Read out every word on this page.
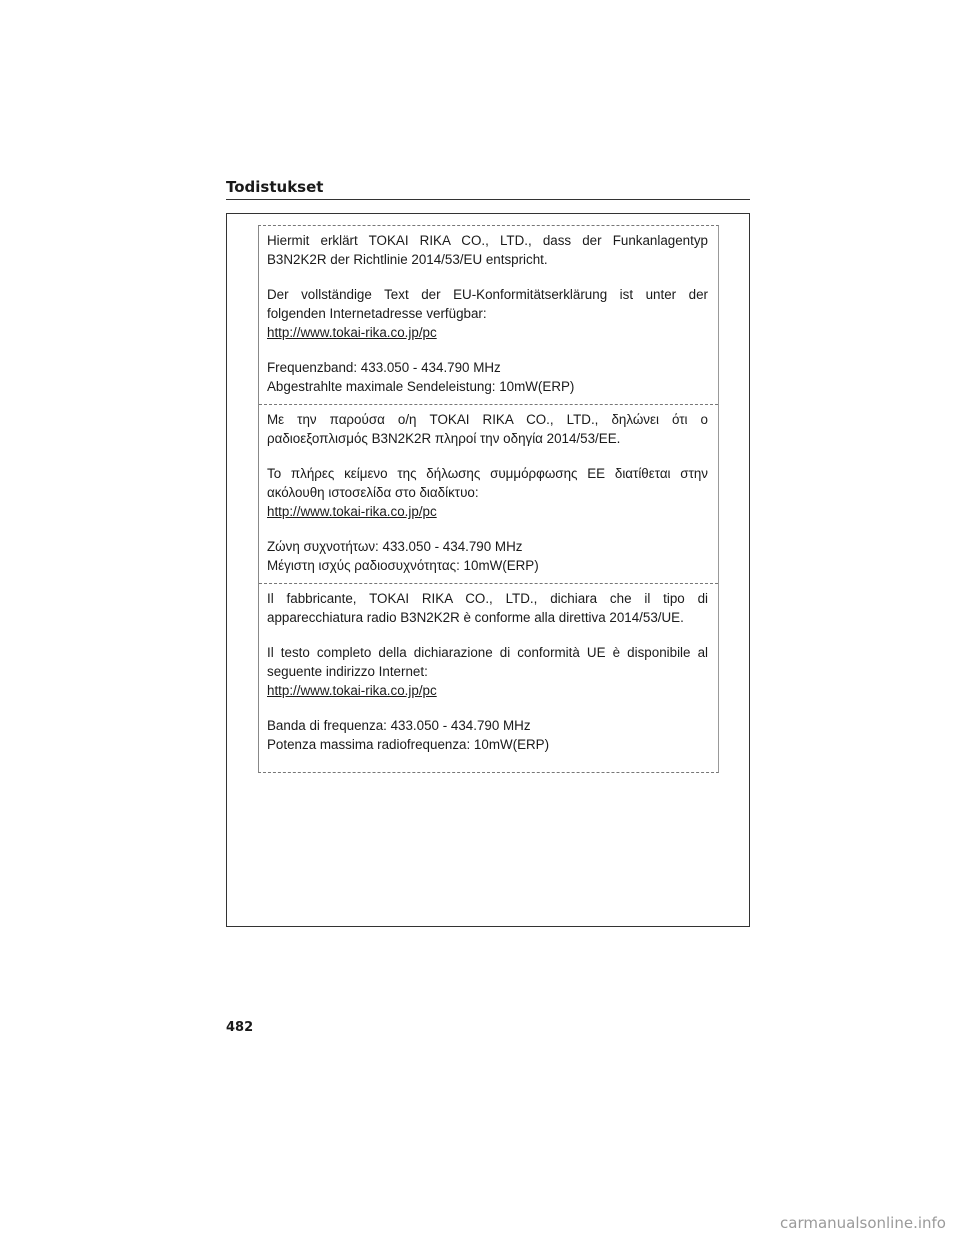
Todistukset

Hiermit erklärt TOKAI RIKA CO., LTD., dass der Funkanlagentyp B3N2K2R der Richtlinie 2014/53/EU entspricht.

Der vollständige Text der EU-Konformitätserklärung ist unter der folgenden Internetadresse verfügbar:
http://www.tokai-rika.co.jp/pc

Frequenzband: 433.050 - 434.790 MHz
Abgestrahlte maximale Sendeleistung: 10mW(ERP)

Με την παρούσα ο/η TOKAI RIKA CO., LTD., δηλώνει ότι ο ραδιοεξοπλισμός B3N2K2R πληροί την οδηγία 2014/53/ΕΕ.

Το πλήρες κείμενο της δήλωσης συμμόρφωσης ΕΕ διατίθεται στην ακόλουθη ιστοσελίδα στο διαδίκτυο:
http://www.tokai-rika.co.jp/pc

Ζώνη συχνοτήτων: 433.050 - 434.790 MHz
Μέγιστη ισχύς ραδιοσυχνότητας: 10mW(ERP)

Il fabbricante, TOKAI RIKA CO., LTD., dichiara che il tipo di apparecchiatura radio B3N2K2R è conforme alla direttiva 2014/53/UE.

Il testo completo della dichiarazione di conformità UE è disponibile al seguente indirizzo Internet:
http://www.tokai-rika.co.jp/pc

Banda di frequenza: 433.050 - 434.790 MHz
Potenza massima radiofrequenza: 10mW(ERP)

482
carmanualsonline.info
